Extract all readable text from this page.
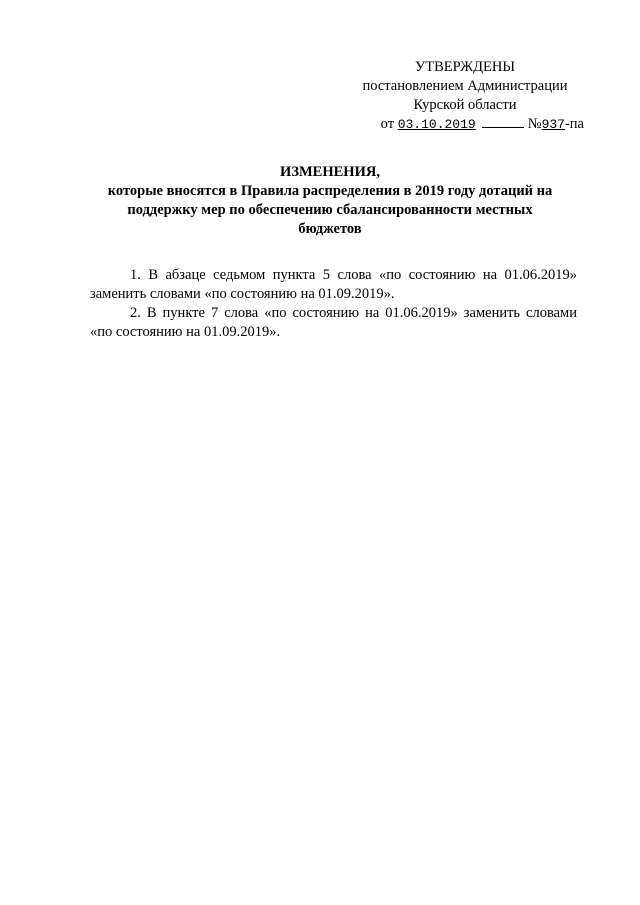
УТВЕРЖДЕНЫ
постановлением Администрации
Курской области
от 03.10.2019	№937-па
ИЗМЕНЕНИЯ,
которые вносятся в Правила распределения в 2019 году дотаций на
поддержку мер по обеспечению сбалансированности местных
бюджетов

1. В абзаце седьмом пункта 5 слова «по состоянию на 01.06.2019»
заменить словами «по состоянию на 01.09.2019».

2. В пункте 7 слова «по состоянию на 01.06.2019» заменить словами
«по состоянию на 01.09.2019».
